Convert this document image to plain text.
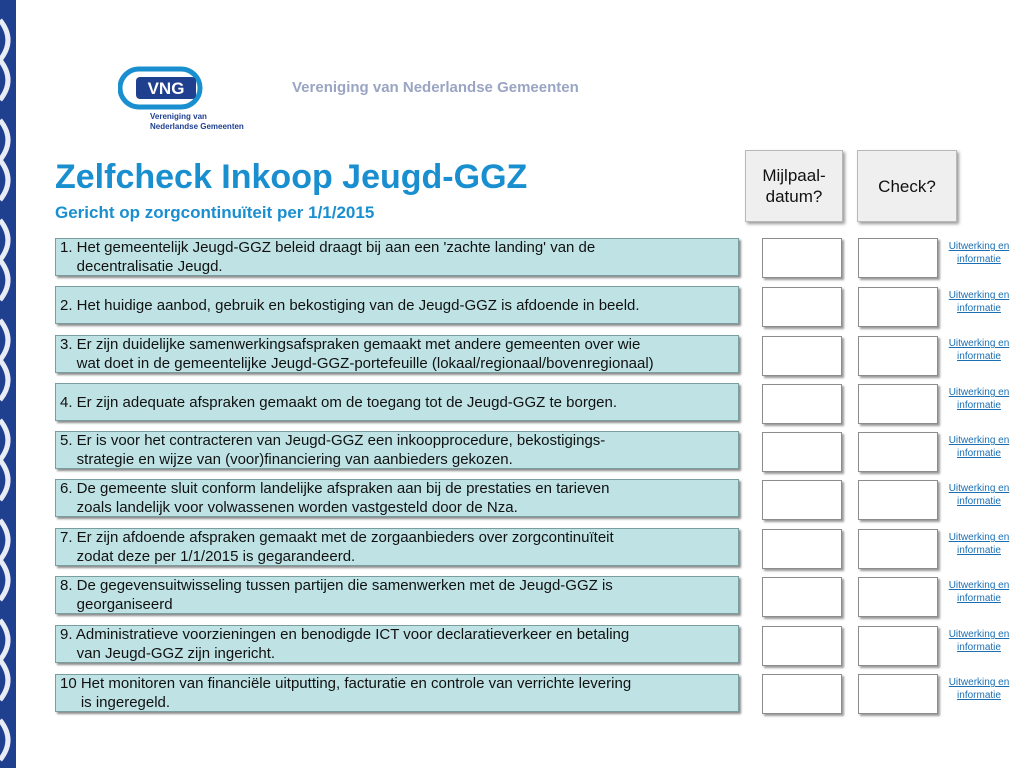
VNG
Vereniging van
Nederlandse Gemeenten
Vereniging van Nederlandse Gemeenten
Zelfcheck Inkoop Jeugd-GGZ
Gericht op zorgcontinuïteit per 1/1/2015
Mijlpaal-
datum?
Check?
1. Het gemeentelijk Jeugd-GGZ beleid draagt bij aan een 'zachte landing' van de
decentralisatie Jeugd.
Uitwerking en informatie
2. Het huidige aanbod, gebruik en bekostiging van de Jeugd-GGZ is afdoende in beeld.
Uitwerking en informatie
3. Er zijn duidelijke samenwerkingsafspraken gemaakt met andere gemeenten over wie
wat doet in de gemeentelijke Jeugd-GGZ-portefeuille (lokaal/regionaal/bovenregionaal)
Uitwerking en informatie
4. Er zijn adequate afspraken gemaakt om de toegang tot de Jeugd-GGZ te borgen.
Uitwerking en informatie
5. Er is voor het contracteren van Jeugd-GGZ een inkoopprocedure, bekostigings-
strategie en wijze van (voor)financiering van aanbieders gekozen.
Uitwerking en informatie
6. De gemeente sluit conform landelijke afspraken aan bij de prestaties en tarieven
zoals landelijk voor volwassenen worden vastgesteld door de Nza.
Uitwerking en informatie
7. Er zijn afdoende afspraken gemaakt met de zorgaanbieders over zorgcontinuïteit
zodat deze per 1/1/2015 is gegarandeerd.
Uitwerking en informatie
8. De gegevensuitwisseling tussen partijen die samenwerken met de Jeugd-GGZ is
georganiseerd
Uitwerking en informatie
9. Administratieve voorzieningen en benodigde ICT voor declaratieverkeer en betaling
van Jeugd-GGZ zijn ingericht.
Uitwerking en informatie
10 Het monitoren van financiële uitputting, facturatie en controle van verrichte levering
is ingeregeld.
Uitwerking en informatie
